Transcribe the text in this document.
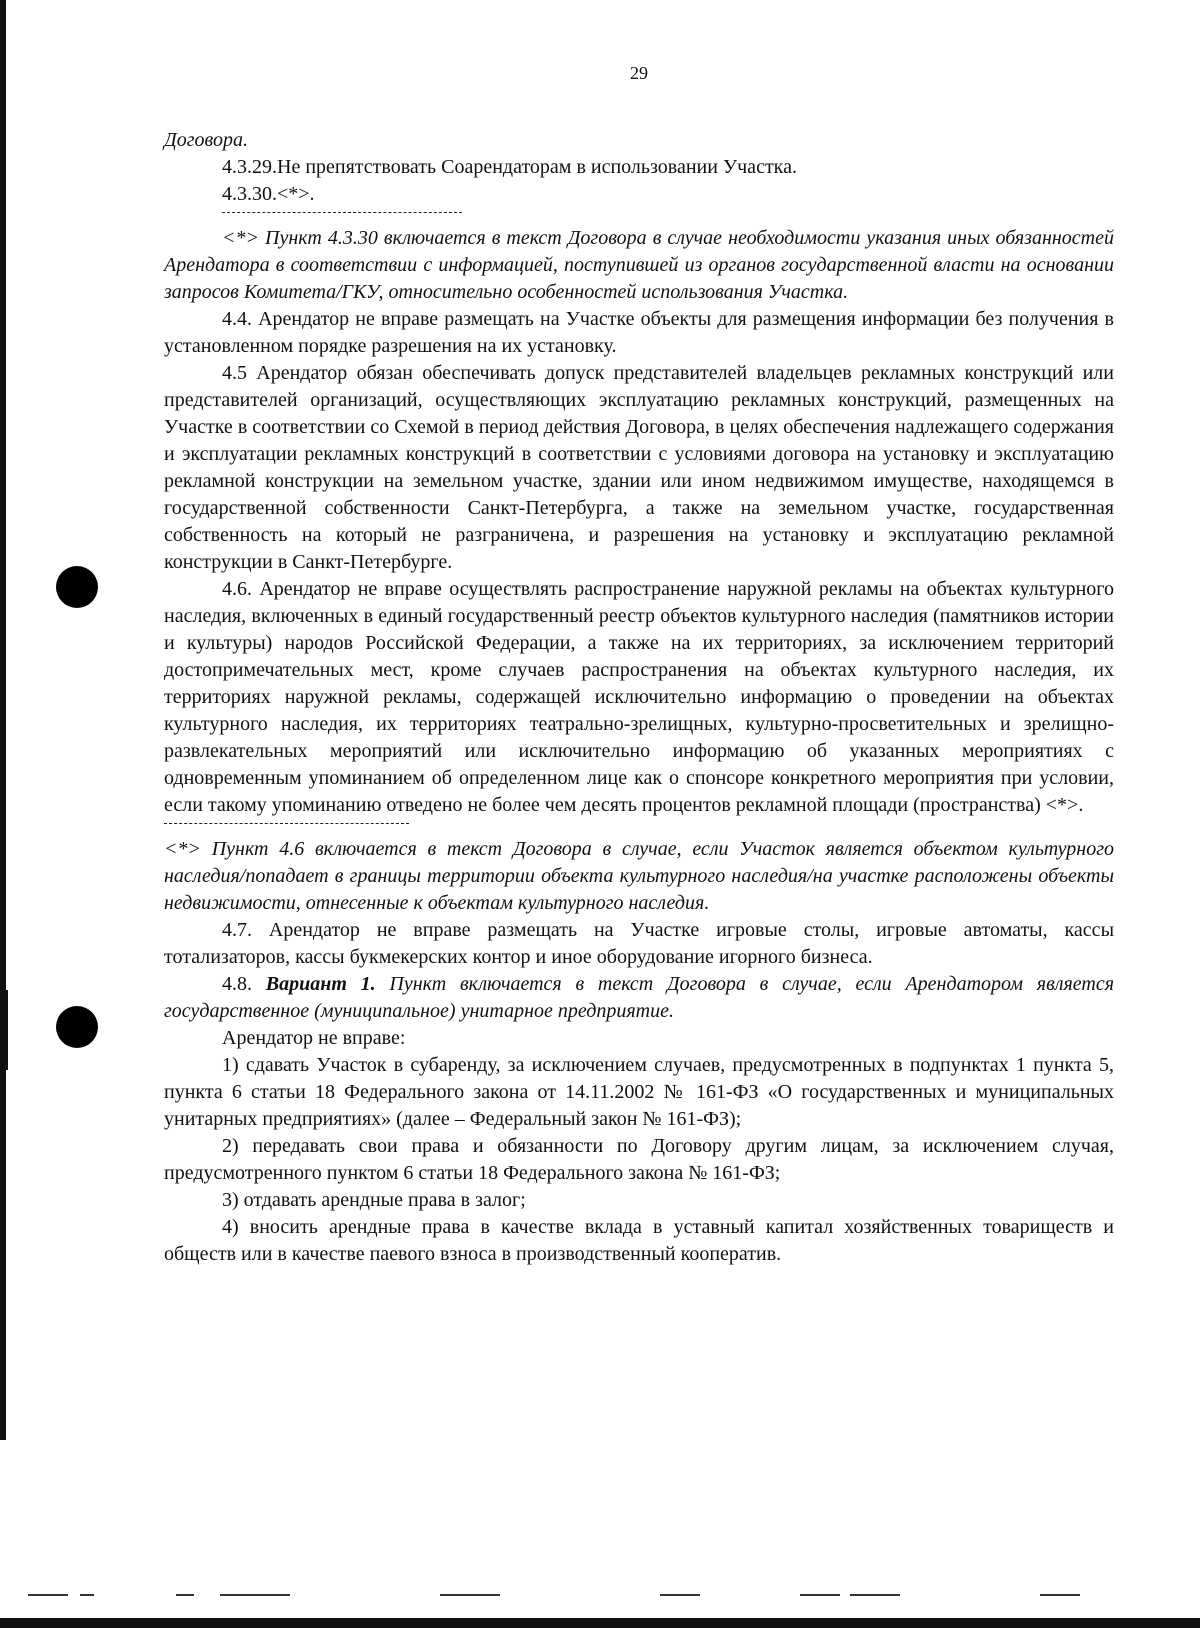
29

Договора.

4.3.29.Не препятствовать Соарендаторам в использовании Участка.

4.3.30.<*>.

<*> Пункт 4.3.30 включается в текст Договора в случае необходимости указания иных обязанностей Арендатора в соответствии с информацией, поступившей из органов государственной власти на основании запросов Комитета/ГКУ, относительно особенностей использования Участка.

4.4. Арендатор не вправе размещать на Участке объекты для размещения информации без получения в установленном порядке разрешения на их установку.

4.5 Арендатор обязан обеспечивать допуск представителей владельцев рекламных конструкций или представителей организаций, осуществляющих эксплуатацию рекламных конструкций, размещенных на Участке в соответствии со Схемой в период действия Договора, в целях обеспечения надлежащего содержания и эксплуатации рекламных конструкций в соответствии с условиями договора на установку и эксплуатацию рекламной конструкции на земельном участке, здании или ином недвижимом имуществе, находящемся в государственной собственности Санкт-Петербурга, а также на земельном участке, государственная собственность на который не разграничена, и разрешения на установку и эксплуатацию рекламной конструкции в Санкт-Петербурге.

4.6. Арендатор не вправе осуществлять распространение наружной рекламы на объектах культурного наследия, включенных в единый государственный реестр объектов культурного наследия (памятников истории и культуры) народов Российской Федерации, а также на их территориях, за исключением территорий достопримечательных мест, кроме случаев распространения на объектах культурного наследия, их территориях наружной рекламы, содержащей исключительно информацию о проведении на объектах культурного наследия, их территориях театрально-зрелищных, культурно-просветительных и зрелищно-развлекательных мероприятий или исключительно информацию об указанных мероприятиях с одновременным упоминанием об определенном лице как о спонсоре конкретного мероприятия при условии, если такому упоминанию отведено не более чем десять процентов рекламной площади (пространства) <*>.

<*> Пункт 4.6 включается в текст Договора в случае, если Участок является объектом культурного наследия/попадает в границы территории объекта культурного наследия/на участке расположены объекты недвижимости, отнесенные к объектам культурного наследия.

4.7. Арендатор не вправе размещать на Участке игровые столы, игровые автоматы, кассы тотализаторов, кассы букмекерских контор и иное оборудование игорного бизнеса.

4.8. Вариант 1. Пункт включается в текст Договора в случае, если Арендатором является государственное (муниципальное) унитарное предприятие.

Арендатор не вправе:

1) сдавать Участок в субаренду, за исключением случаев, предусмотренных в подпунктах 1 пункта 5, пункта 6 статьи 18 Федерального закона от 14.11.2002 № 161-ФЗ «О государственных и муниципальных унитарных предприятиях» (далее – Федеральный закон № 161-ФЗ);

2) передавать свои права и обязанности по Договору другим лицам, за исключением случая, предусмотренного пунктом 6 статьи 18 Федерального закона № 161-ФЗ;

3) отдавать арендные права в залог;

4) вносить арендные права в качестве вклада в уставный капитал хозяйственных товариществ и обществ или в качестве паевого взноса в производственный кооператив.
